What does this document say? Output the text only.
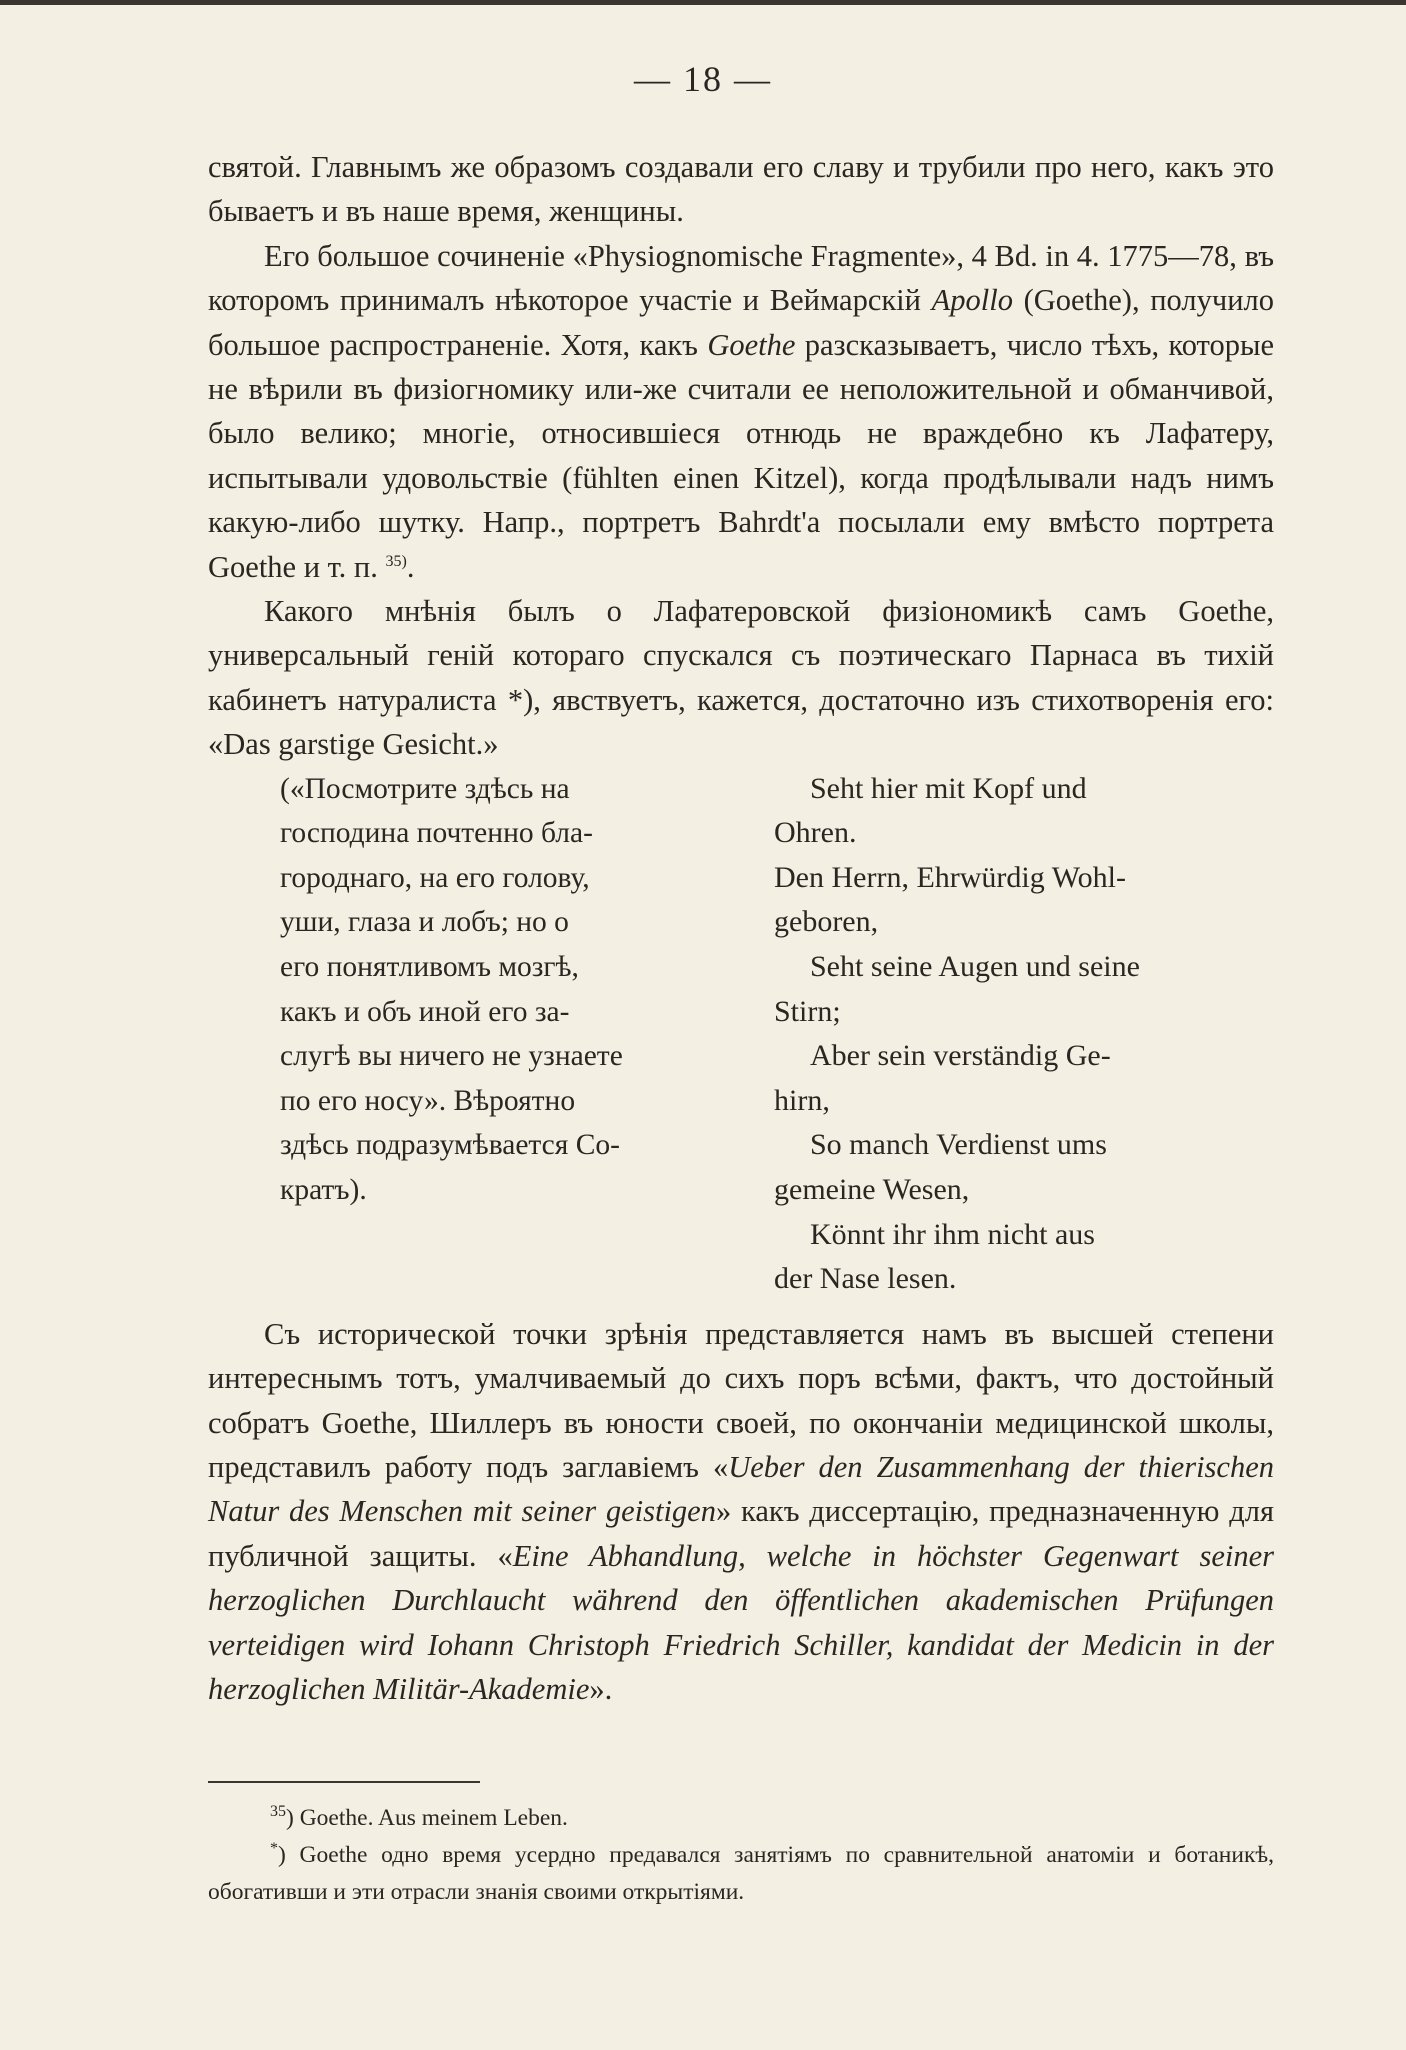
— 18 —

святой. Главнымъ же образомъ создавали его славу и трубили про него, какъ это бываетъ и въ наше время, женщины.

Его большое сочиненіе «Physiognomische Fragmente», 4 Bd. in 4. 1775—78, въ которомъ принималъ нѣкоторое участіе и Веймарскій Apollo (Goethe), получило большое распространеніе. Хотя, какъ Goethe разсказываетъ, число тѣхъ, которые не вѣрили въ физіогномику или-же считали ее неположительной и обманчивой, было велико; многіе, относившіеся отнюдь не враждебно къ Лафатеру, испытывали удовольствіе (fühlten einen Kitzel), когда продѣлывали надъ нимъ какую-либо шутку. Напр., портретъ Bahrdt'a посылали ему вмѣсто портрета Goethe и т. п. $^{35)}$.

Какого мнѣнія былъ о Лафатеровской физіономикѣ самъ Goethe, универсальный геній котораго спускался съ поэтическаго Парнаса въ тихій кабинетъ натуралиста *), явствуетъ, кажется, достаточно изъ стихотворенія его: «Das garstige Gesicht.»

(«Посмотрите здѣсь на
господина почтенно бла-
городнаго, на его голову,
уши, глаза и лобъ; но о
его понятливомъ мозгѣ,
какъ и объ иной его за-
слугѣ вы ничего не узнаете
по его носу». Вѣроятно
здѣсь подразумѣвается Со-
кратъ).
Seht hier mit Kopf und
Ohren.
Den Herrn, Ehrwürdig Wohl-
geboren,
Seht seine Augen und seine
Stirn;
Aber sein verständig Ge-
hirn,
So manch Verdienst ums
gemeine Wesen,
Könnt ihr ihm nicht aus
der Nase lesen.

Съ исторической точки зрѣнія представляется намъ въ высшей степени интереснымъ тотъ, умалчиваемый до сихъ поръ всѣми, фактъ, что достойный собратъ Goethe, Шиллеръ въ юности своей, по окончаніи медицинской школы, представилъ работу подъ заглавіемъ «Ueber den Zusammenhang der thierischen Natur des Menschen mit seiner geistigen» какъ диссертацію, предназначенную для публичной защиты. «Eine Abhandlung, welche in höchster Gegenwart seiner herzoglichen Durchlaucht während den öffentlichen akademischen Prüfungen verteidigen wird Iohann Christoph Friedrich Schiller, kandidat der Medicin in der herzoglichen Militär-Akademie».

$^{35}$) Goethe. Aus meinem Leben.

*) Goethe одно время усердно предавался занятіямъ по сравнительной анатоміи и ботаникѣ, обогативши и эти отрасли знанія своими открытіями.
